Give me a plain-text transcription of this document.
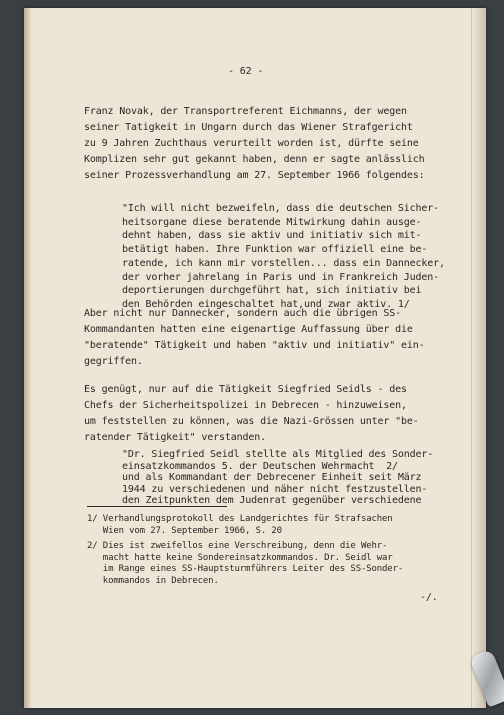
- 62 -

Franz Novak, der Transportreferent Eichmanns, der wegen
seiner Tatigkeit in Ungarn durch das Wiener Strafgericht
zu 9 Jahren Zuchthaus verurteilt worden ist, dürfte seine
Komplizen sehr gut gekannt haben, denn er sagte anlässlich
seiner Prozessverhandlung am 27. September 1966 folgendes:

"Ich will nicht bezweifeln, dass die deutschen Sicher-
heitsorgane diese beratende Mitwirkung dahin ausge-
dehnt haben, dass sie aktiv und initiativ sich mit-
betätigt haben. Ihre Funktion war offiziell eine be-
ratende, ich kann mir vorstellen... dass ein Dannecker,
der vorher jahrelang in Paris und in Frankreich Juden-
deportierungen durchgeführt hat, sich initiativ bei
den Behörden eingeschaltet hat,und zwar aktiv. 1/

Aber nicht nur Dannecker, sondern auch die übrigen SS-
Kommandanten hatten eine eigenartige Auffassung über die
"beratende" Tätigkeit und haben "aktiv und initiativ" ein-
gegriffen.

Es genügt, nur auf die Tätigkeit Siegfried Seidls - des
Chefs der Sicherheitspolizei in Debrecen - hinzuweisen,
um feststellen zu können, was die Nazi-Grössen unter "be-
ratender Tätigkeit" verstanden.

"Dr. Siegfried Seidl stellte als Mitglied des Sonder-
einsatzkommandos 5. der Deutschen Wehrmacht  2/
und als Kommandant der Debrecener Einheit seit März
1944 zu verschiedenen und näher nicht festzustellen-
den Zeitpunkten dem Judenrat gegenüber verschiedene

1/ Verhandlungsprotokoll des Landgerichtes für Strafsachen
Wien vom 27. September 1966, S. 20

2/ Dies ist zweifellos eine Verschreibung, denn die Wehr-
macht hatte keine Sondereinsatzkommandos. Dr. Seidl war
im Range eines SS-Hauptsturmführers Leiter des SS-Sonder-
kommandos in Debrecen.

-/.
